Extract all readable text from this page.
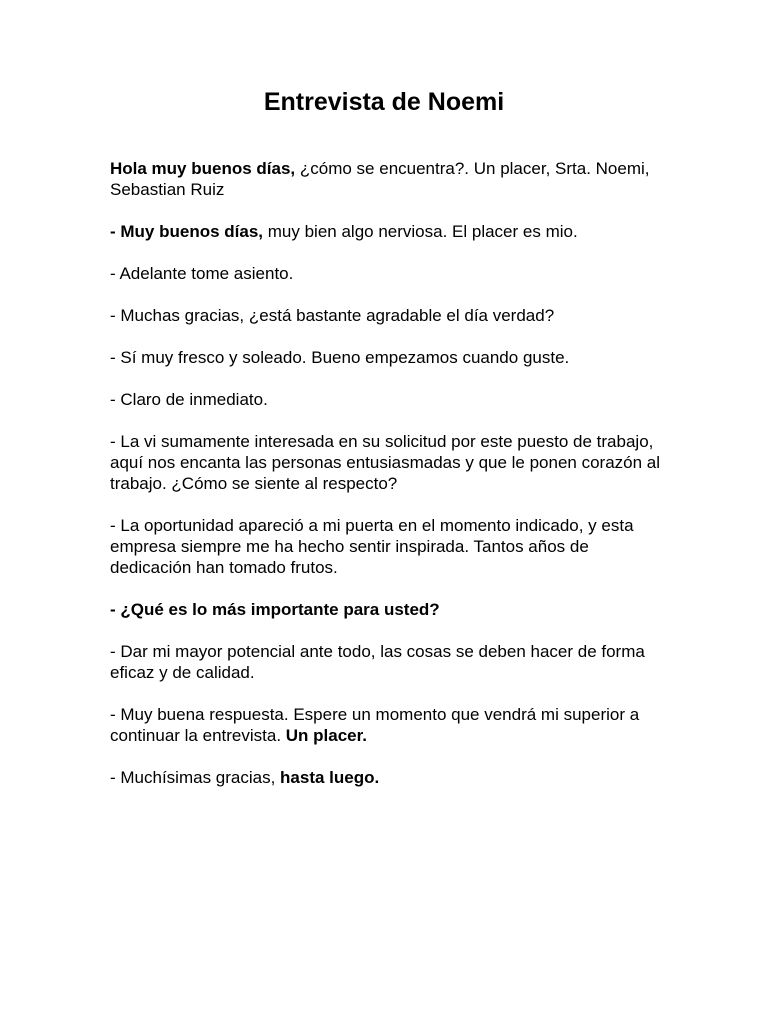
Entrevista de Noemi

Hola muy buenos días, ¿cómo se encuentra?. Un placer, Srta. Noemi, Sebastian Ruiz

- Muy buenos días, muy bien algo nerviosa. El placer es mio.

- Adelante tome asiento.

- Muchas gracias, ¿está bastante agradable el día verdad?

- Sí muy fresco y soleado. Bueno empezamos cuando guste.

- Claro de inmediato.

- La vi sumamente interesada en su solicitud por este puesto de trabajo, aquí nos encanta las personas entusiasmadas y que le ponen corazón al trabajo. ¿Cómo se siente al respecto?

- La oportunidad apareció a mi puerta en el momento indicado, y esta empresa siempre me ha hecho sentir inspirada. Tantos años de dedicación han tomado frutos.

- ¿Qué es lo más importante para usted?

- Dar mi mayor potencial ante todo, las cosas se deben hacer de forma eficaz y de calidad.

- Muy buena respuesta. Espere un momento que vendrá mi superior a continuar la entrevista. Un placer.

- Muchísimas gracias, hasta luego.
